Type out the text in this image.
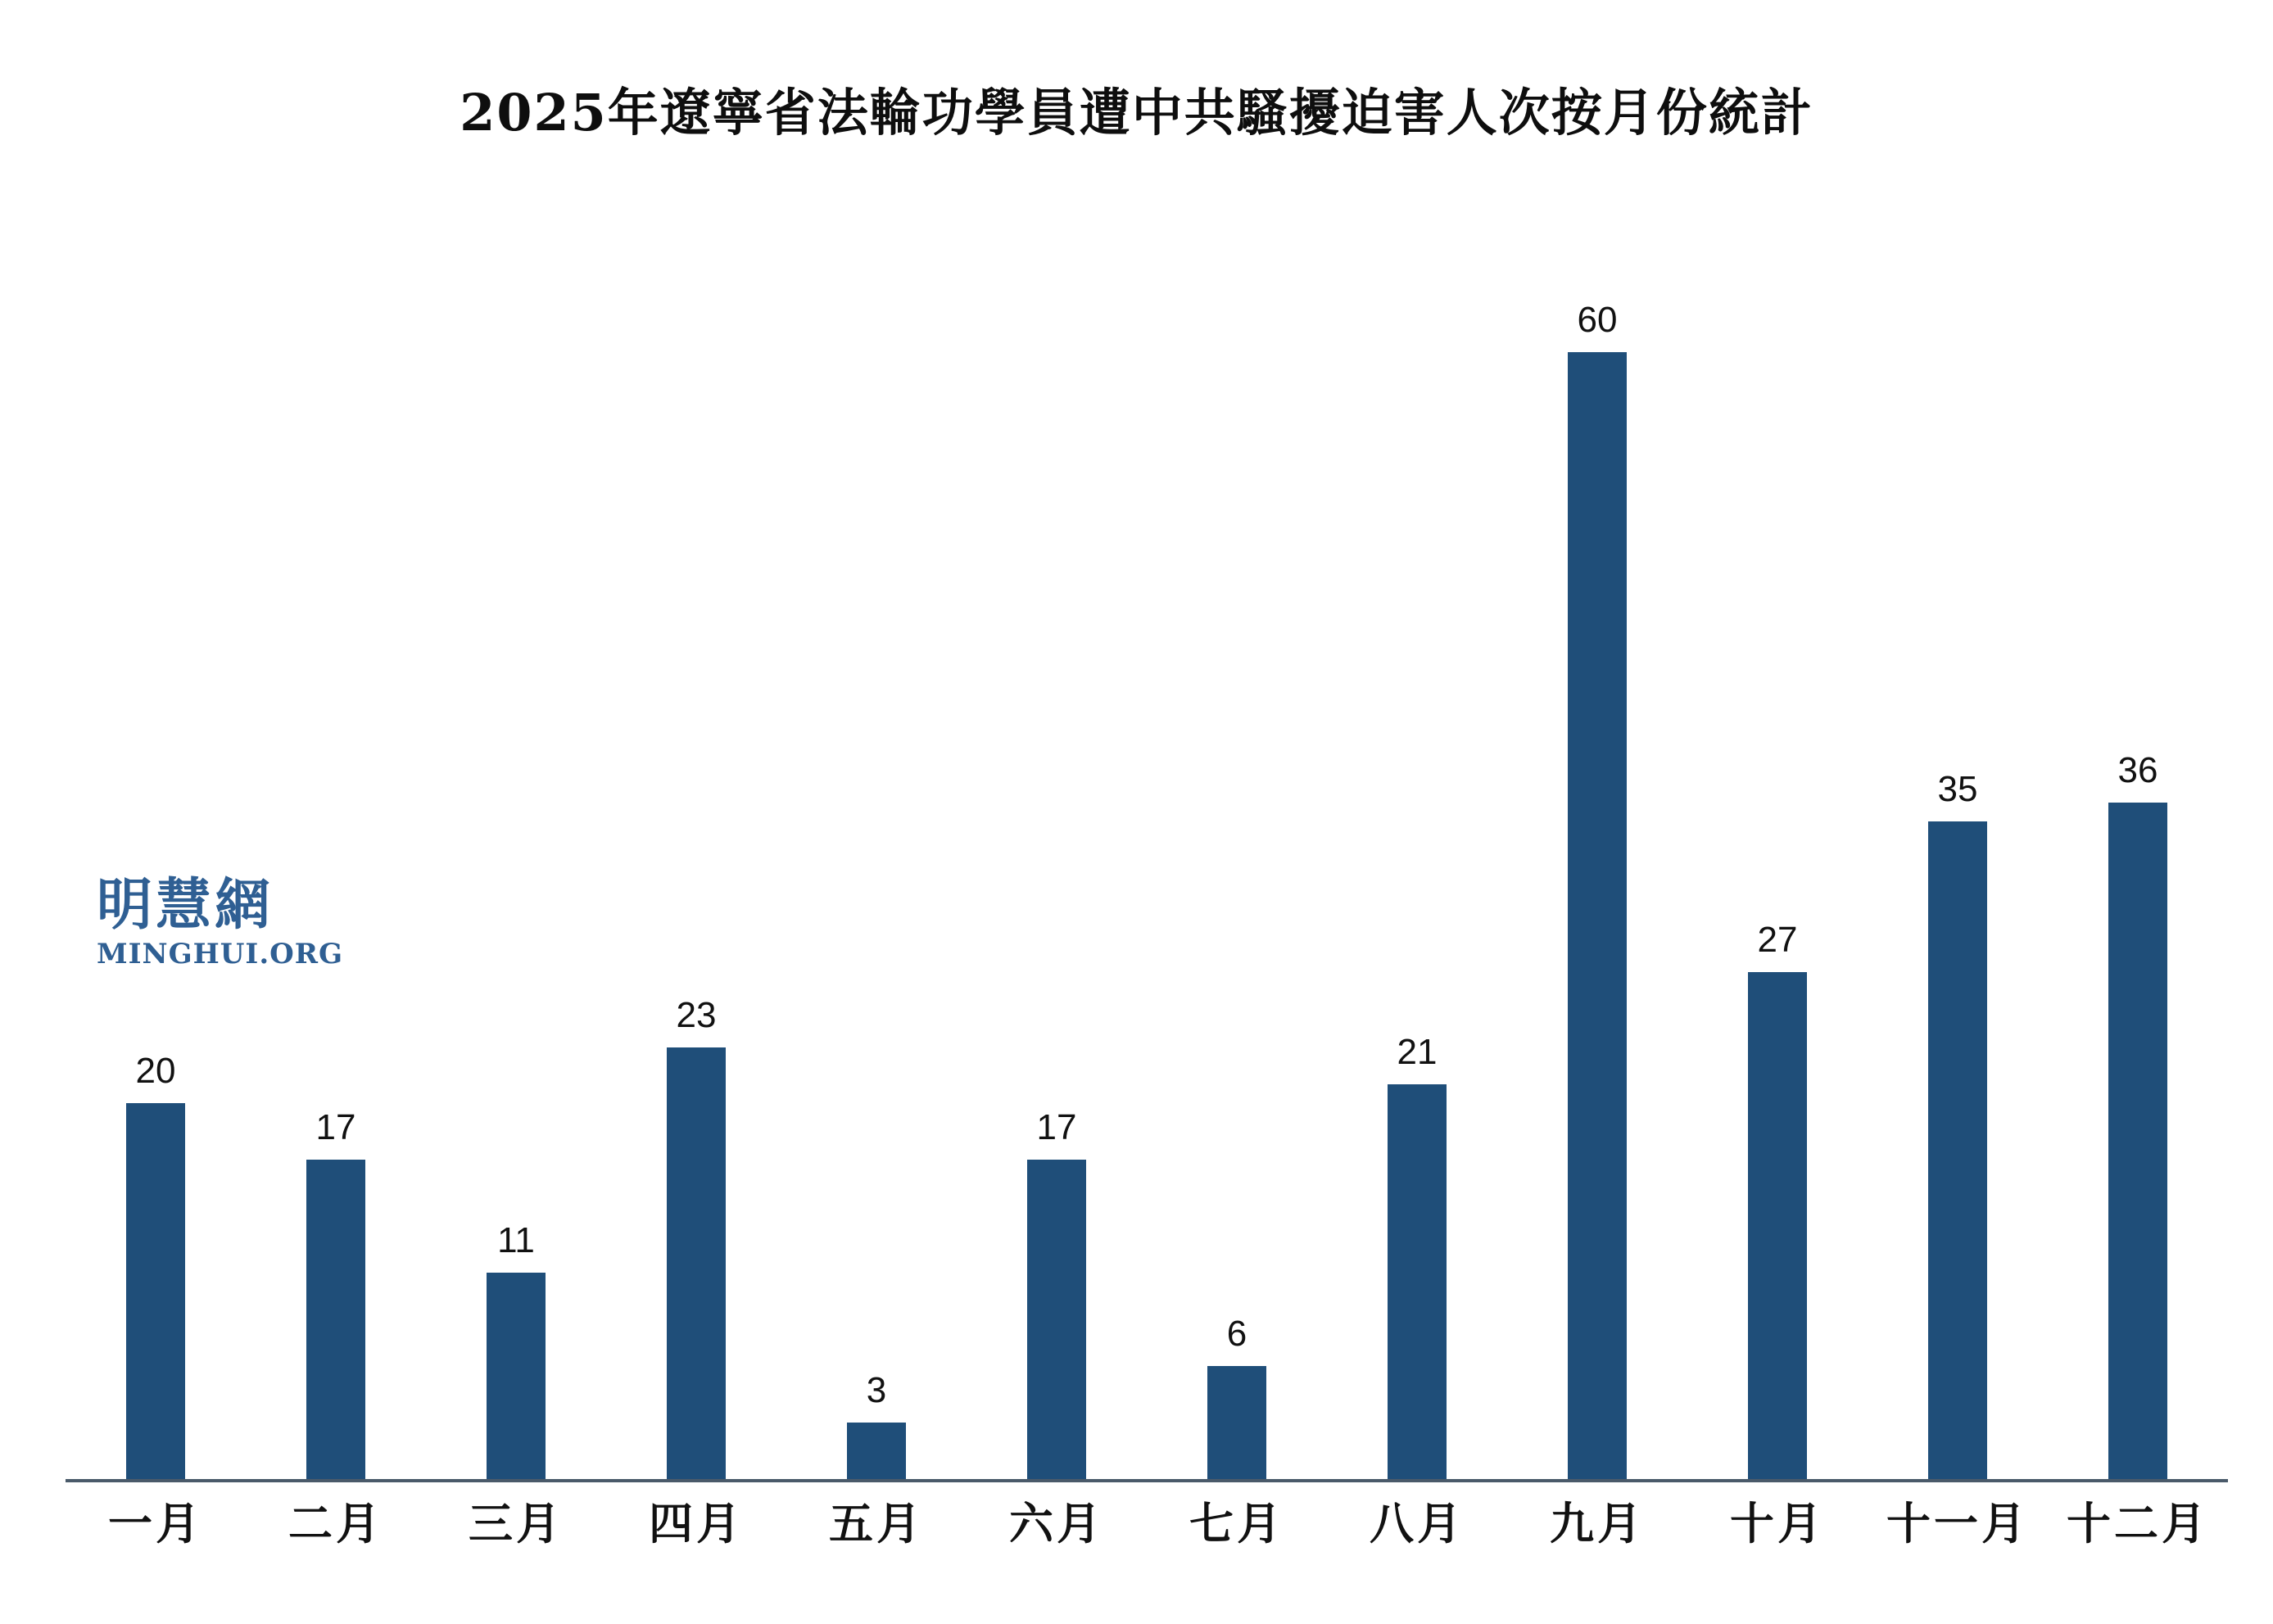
2025年遼寧省法輪功學員遭中共騷擾迫害人次按月份統計
明慧網
MINGHUI.ORG
20
17
11
23
3
17
6
21
60
27
35	36
一月	二月	三月	四月	五月	六月	七月	八月	九月	十月	十一月 十二月
